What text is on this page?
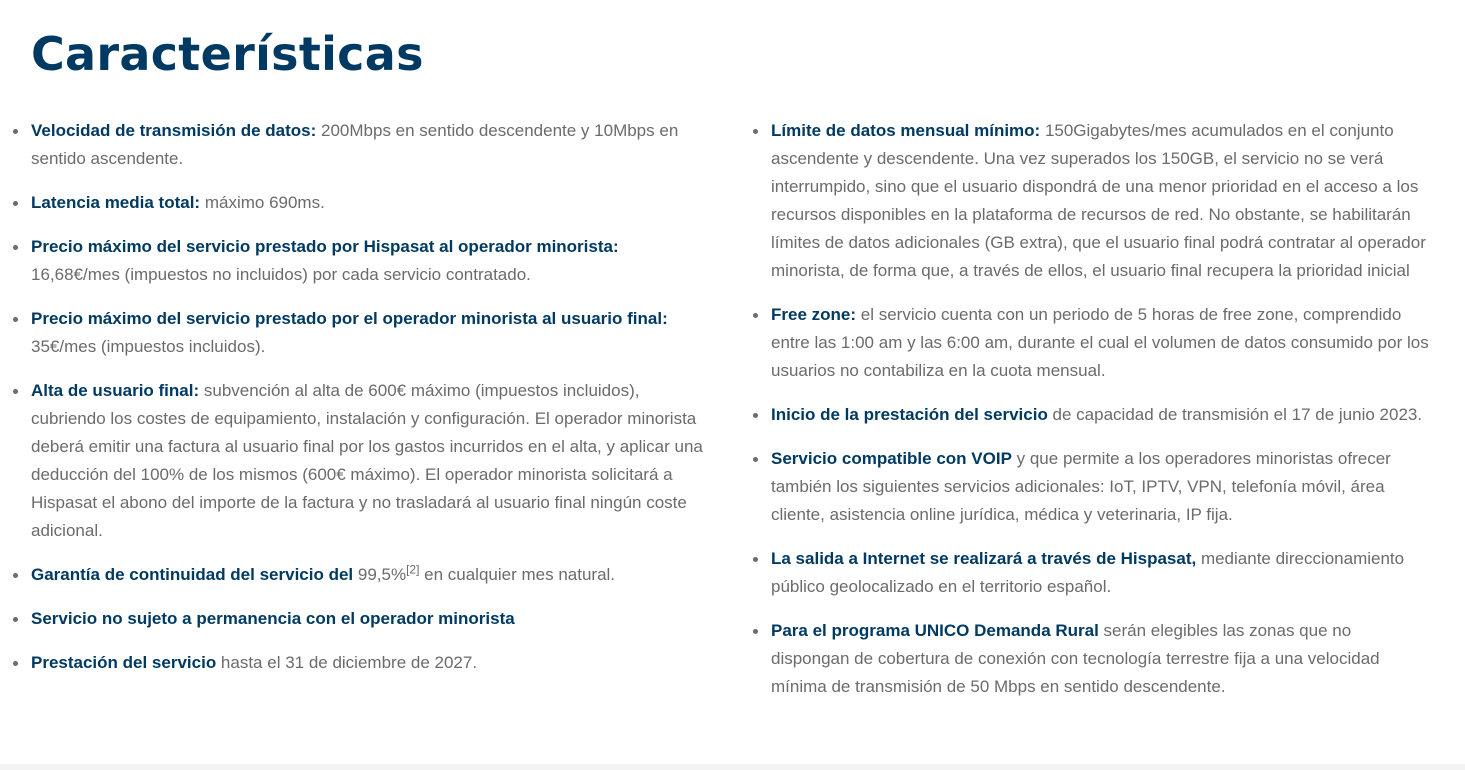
Características
Velocidad de transmisión de datos: 200Mbps en sentido descendente y 10Mbps en sentido ascendente.
Latencia media total: máximo 690ms.
Precio máximo del servicio prestado por Hispasat al operador minorista: 16,68€/mes (impuestos no incluidos) por cada servicio contratado.
Precio máximo del servicio prestado por el operador minorista al usuario final: 35€/mes (impuestos incluidos).
Alta de usuario final: subvención al alta de 600€ máximo (impuestos incluidos), cubriendo los costes de equipamiento, instalación y configuración. El operador minorista deberá emitir una factura al usuario final por los gastos incurridos en el alta, y aplicar una deducción del 100% de los mismos (600€ máximo). El operador minorista solicitará a Hispasat el abono del importe de la factura y no trasladará al usuario final ningún coste adicional.
Garantía de continuidad del servicio del 99,5%[2] en cualquier mes natural.
Servicio no sujeto a permanencia con el operador minorista
Prestación del servicio hasta el 31 de diciembre de 2027.
Límite de datos mensual mínimo: 150Gigabytes/mes acumulados en el conjunto ascendente y descendente. Una vez superados los 150GB, el servicio no se verá interrumpido, sino que el usuario dispondrá de una menor prioridad en el acceso a los recursos disponibles en la plataforma de recursos de red. No obstante, se habilitarán límites de datos adicionales (GB extra), que el usuario final podrá contratar al operador minorista, de forma que, a través de ellos, el usuario final recupera la prioridad inicial
Free zone: el servicio cuenta con un periodo de 5 horas de free zone, comprendido entre las 1:00 am y las 6:00 am, durante el cual el volumen de datos consumido por los usuarios no contabiliza en la cuota mensual.
Inicio de la prestación del servicio de capacidad de transmisión el 17 de junio 2023.
Servicio compatible con VOIP y que permite a los operadores minoristas ofrecer también los siguientes servicios adicionales: IoT, IPTV, VPN, telefonía móvil, área cliente, asistencia online jurídica, médica y veterinaria, IP fija.
La salida a Internet se realizará a través de Hispasat, mediante direccionamiento público geolocalizado en el territorio español.
Para el programa UNICO Demanda Rural serán elegibles las zonas que no dispongan de cobertura de conexión con tecnología terrestre fija a una velocidad mínima de transmisión de 50 Mbps en sentido descendente.
